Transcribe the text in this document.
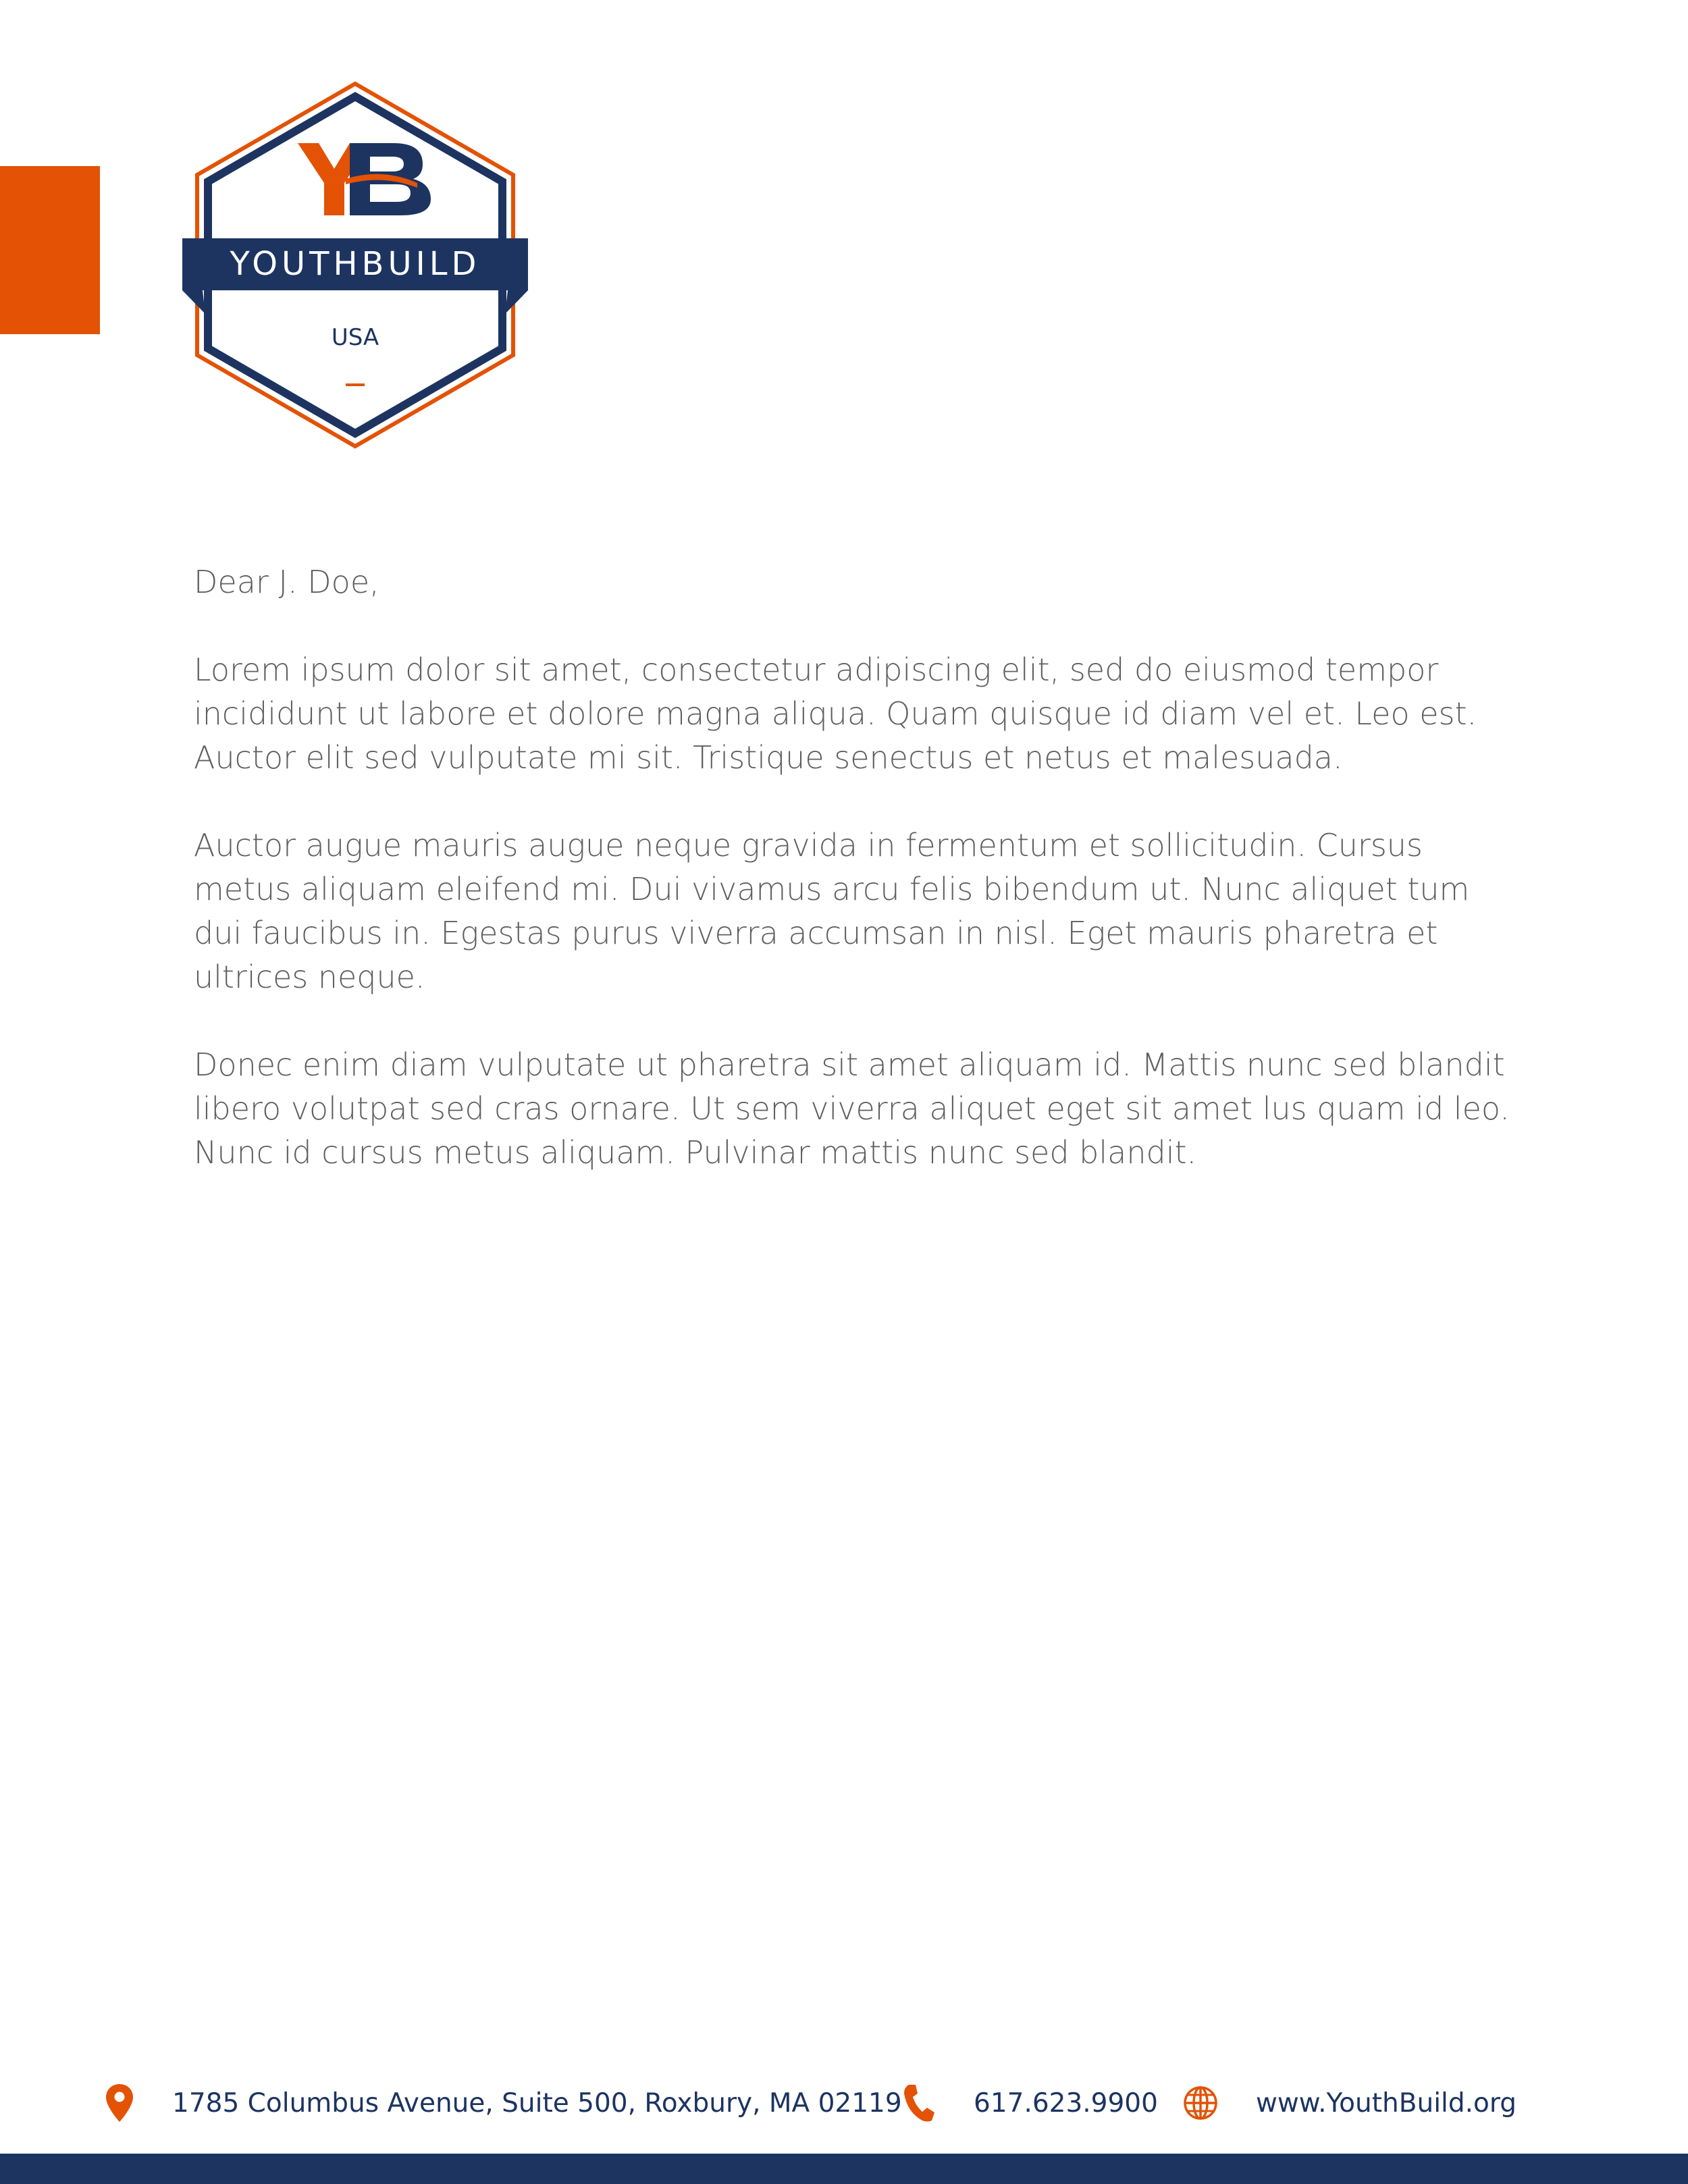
YOUTHBUILD
USA

Dear J. Doe,

Lorem ipsum dolor sit amet, consectetur adipiscing elit, sed do eiusmod tempor incididunt ut labore et dolore magna aliqua. Quam quisque id diam vel et. Leo est. Auctor elit sed vulputate mi sit. Tristique senectus et netus et malesuada.

Auctor augue mauris augue neque gravida in fermentum et sollicitudin. Cursus metus aliquam eleifend mi. Dui vivamus arcu felis bibendum ut. Nunc aliquet tum dui faucibus in. Egestas purus viverra accumsan in nisl. Eget mauris pharetra et ultrices neque.

Donec enim diam vulputate ut pharetra sit amet aliquam id. Mattis nunc sed blandit libero volutpat sed cras ornare. Ut sem viverra aliquet eget sit amet lus quam id leo. Nunc id cursus metus aliquam. Pulvinar mattis nunc sed blandit.

1785 Columbus Avenue, Suite 500, Roxbury, MA 02119	617.623.9900	www.YouthBuild.org
